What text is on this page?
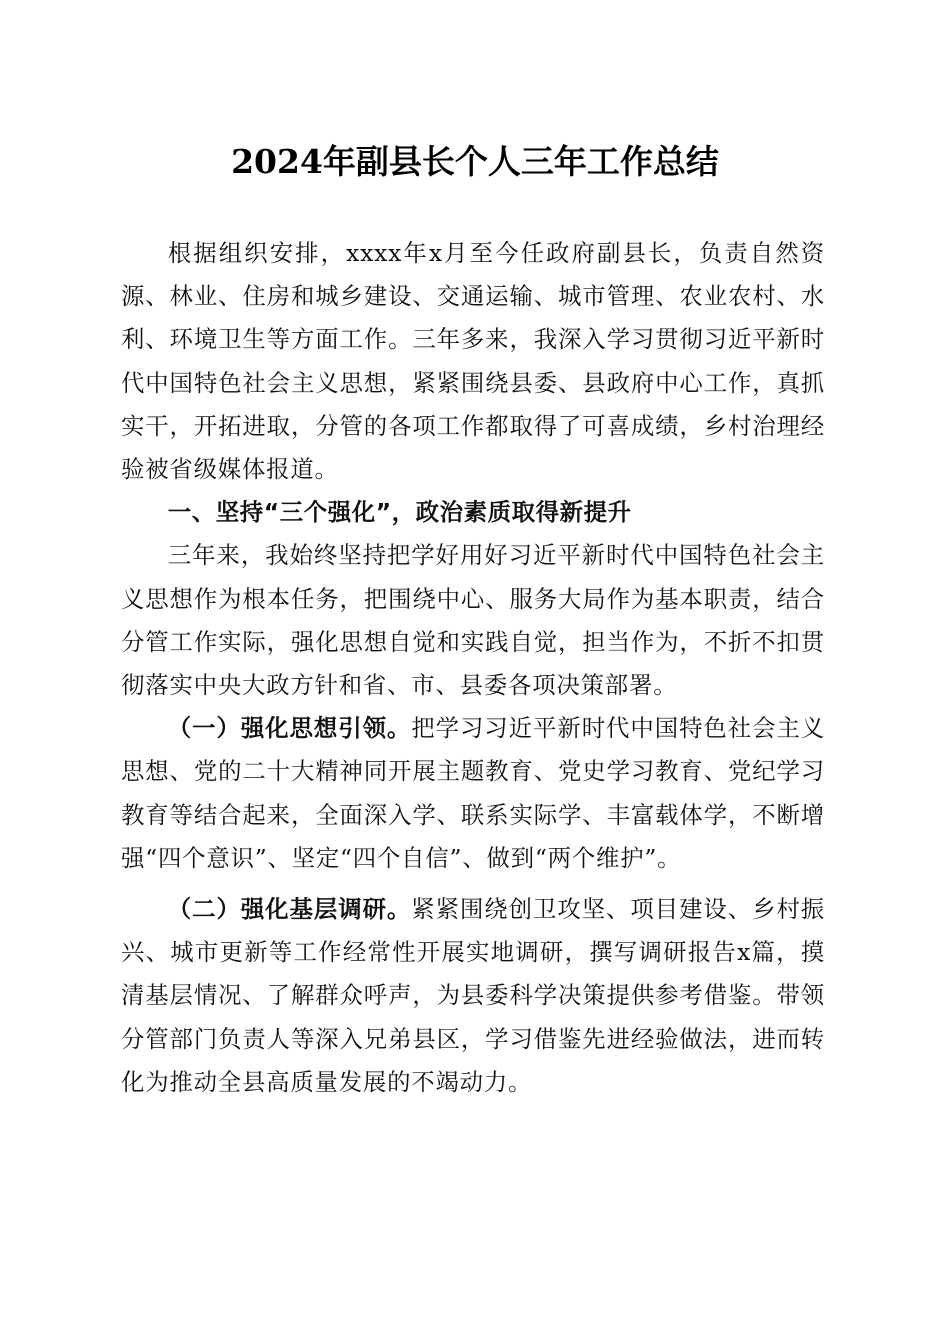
2024年副县长个人三年工作总结

根据组织安排，xxxx年x月至今任政府副县长，负责自然资源、林业、住房和城乡建设、交通运输、城市管理、农业农村、水利、环境卫生等方面工作。三年多来，我深入学习贯彻习近平新时代中国特色社会主义思想，紧紧围绕县委、县政府中心工作，真抓实干，开拓进取，分管的各项工作都取得了可喜成绩，乡村治理经验被省级媒体报道。

一、坚持“三个强化”，政治素质取得新提升

三年来，我始终坚持把学好用好习近平新时代中国特色社会主义思想作为根本任务，把围绕中心、服务大局作为基本职责，结合分管工作实际，强化思想自觉和实践自觉，担当作为，不折不扣贯彻落实中央大政方针和省、市、县委各项决策部署。

（一）强化思想引领。把学习习近平新时代中国特色社会主义思想、党的二十大精神同开展主题教育、党史学习教育、党纪学习教育等结合起来，全面深入学、联系实际学、丰富载体学，不断增强“四个意识”、坚定“四个自信”、做到“两个维护”。

（二）强化基层调研。紧紧围绕创卫攻坚、项目建设、乡村振兴、城市更新等工作经常性开展实地调研，撰写调研报告x篇，摸清基层情况、了解群众呼声，为县委科学决策提供参考借鉴。带领分管部门负责人等深入兄弟县区，学习借鉴先进经验做法，进而转化为推动全县高质量发展的不竭动力。
